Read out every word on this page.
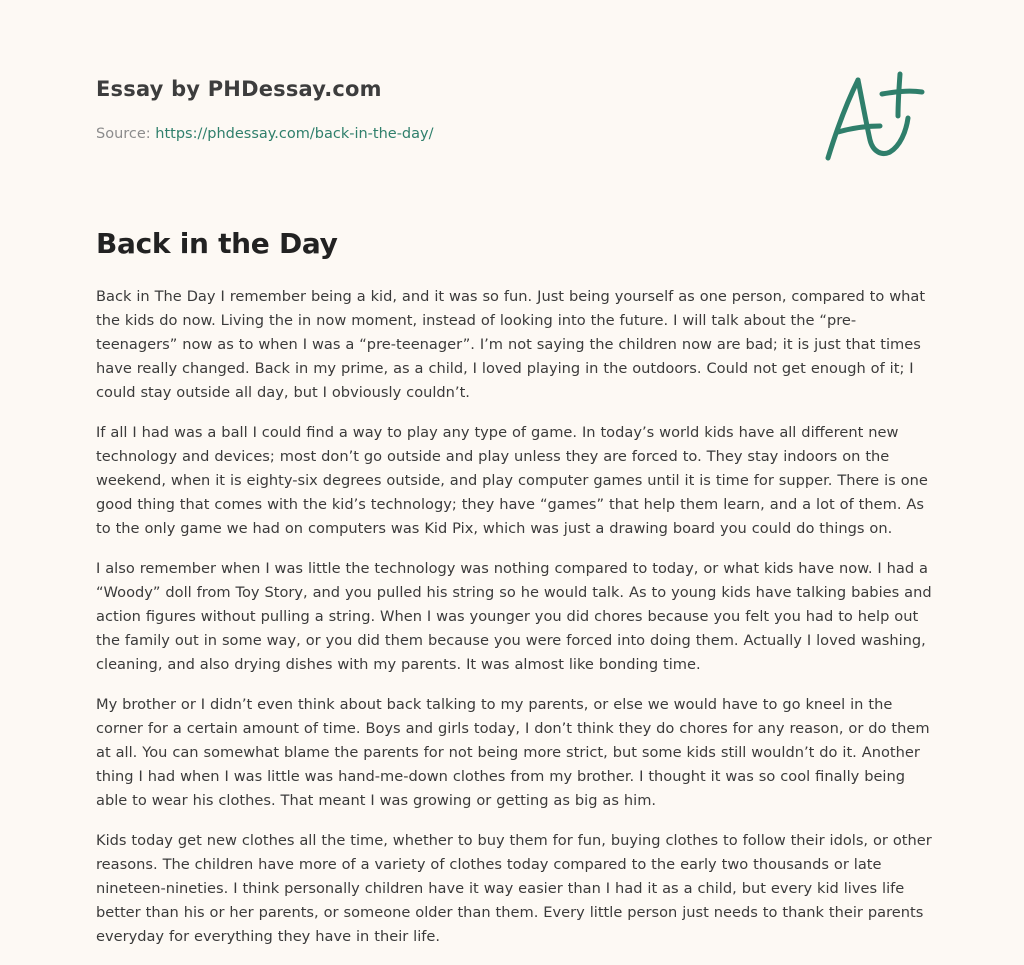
Essay by PHDessay.com
Source: https://phdessay.com/back-in-the-day/
Back in the Day

Back in The Day I remember being a kid, and it was so fun. Just being yourself as one person, compared to what the kids do now. Living the in now moment, instead of looking into the future. I will talk about the “pre-teenagers” now as to when I was a “pre-teenager”. I’m not saying the children now are bad; it is just that times have really changed. Back in my prime, as a child, I loved playing in the outdoors. Could not get enough of it; I could stay outside all day, but I obviously couldn’t.

If all I had was a ball I could find a way to play any type of game. In today’s world kids have all different new technology and devices; most don’t go outside and play unless they are forced to. They stay indoors on the weekend, when it is eighty-six degrees outside, and play computer games until it is time for supper. There is one good thing that comes with the kid’s technology; they have “games” that help them learn, and a lot of them. As to the only game we had on computers was Kid Pix, which was just a drawing board you could do things on.

I also remember when I was little the technology was nothing compared to today, or what kids have now. I had a “Woody” doll from Toy Story, and you pulled his string so he would talk. As to young kids have talking babies and action figures without pulling a string. When I was younger you did chores because you felt you had to help out the family out in some way, or you did them because you were forced into doing them. Actually I loved washing, cleaning, and also drying dishes with my parents. It was almost like bonding time.

My brother or I didn’t even think about back talking to my parents, or else we would have to go kneel in the corner for a certain amount of time. Boys and girls today, I don’t think they do chores for any reason, or do them at all. You can somewhat blame the parents for not being more strict, but some kids still wouldn’t do it. Another thing I had when I was little was hand-me-down clothes from my brother. I thought it was so cool finally being able to wear his clothes. That meant I was growing or getting as big as him.

Kids today get new clothes all the time, whether to buy them for fun, buying clothes to follow their idols, or other reasons. The children have more of a variety of clothes today compared to the early two thousands or late nineteen-nineties. I think personally children have it way easier than I had it as a child, but every kid lives life better than his or her parents, or someone older than them. Every little person just needs to thank their parents everyday for everything they have in their life.
